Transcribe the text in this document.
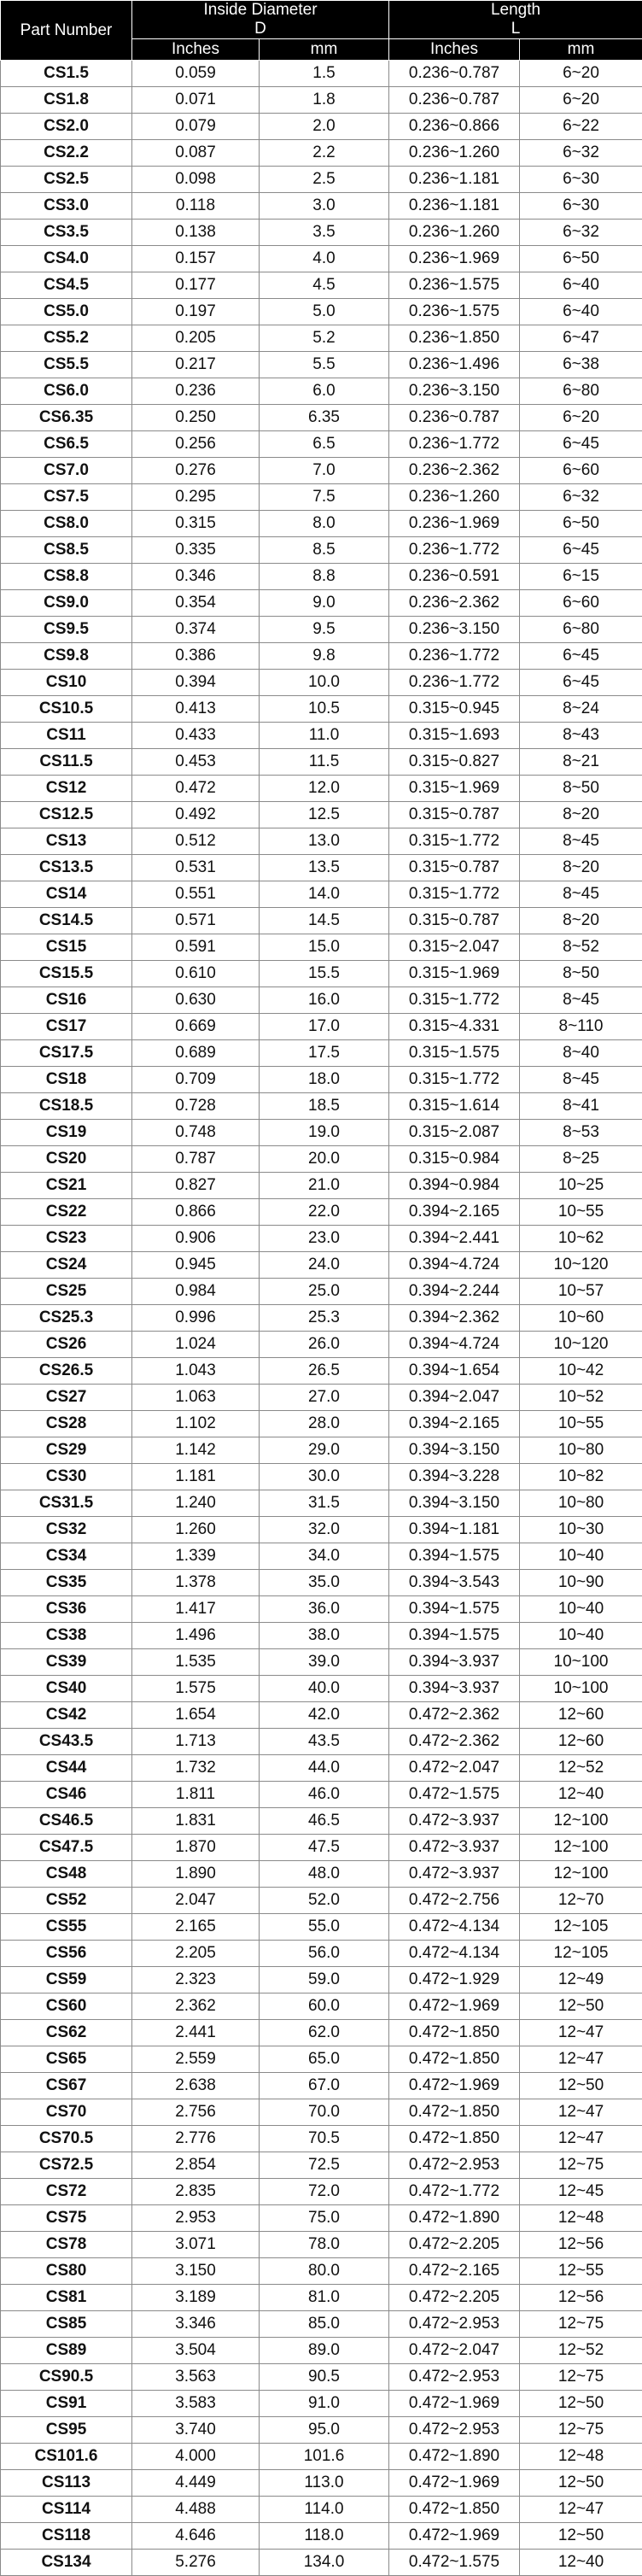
Part Number	Inside Diameter
D		Length
L	

	Inches	mm	Inches	mm
CS1.5	0.059	1.5	0.236~0.787	6~20
CS1.8	0.071	1.8	0.236~0.787	6~20
CS2.0	0.079	2.0	0.236~0.866	6~22
CS2.2	0.087	2.2	0.236~1.260	6~32
CS2.5	0.098	2.5	0.236~1.181	6~30
CS3.0	0.118	3.0	0.236~1.181	6~30
CS3.5	0.138	3.5	0.236~1.260	6~32
CS4.0	0.157	4.0	0.236~1.969	6~50
CS4.5	0.177	4.5	0.236~1.575	6~40
CS5.0	0.197	5.0	0.236~1.575	6~40
CS5.2	0.205	5.2	0.236~1.850	6~47
CS5.5	0.217	5.5	0.236~1.496	6~38
CS6.0	0.236	6.0	0.236~3.150	6~80
CS6.35	0.250	6.35	0.236~0.787	6~20
CS6.5	0.256	6.5	0.236~1.772	6~45
CS7.0	0.276	7.0	0.236~2.362	6~60
CS7.5	0.295	7.5	0.236~1.260	6~32
CS8.0	0.315	8.0	0.236~1.969	6~50
CS8.5	0.335	8.5	0.236~1.772	6~45
CS8.8	0.346	8.8	0.236~0.591	6~15
CS9.0	0.354	9.0	0.236~2.362	6~60
CS9.5	0.374	9.5	0.236~3.150	6~80
CS9.8	0.386	9.8	0.236~1.772	6~45
CS10	0.394	10.0	0.236~1.772	6~45
CS10.5	0.413	10.5	0.315~0.945	8~24
CS11	0.433	11.0	0.315~1.693	8~43
CS11.5	0.453	11.5	0.315~0.827	8~21
CS12	0.472	12.0	0.315~1.969	8~50
CS12.5	0.492	12.5	0.315~0.787	8~20
CS13	0.512	13.0	0.315~1.772	8~45
CS13.5	0.531	13.5	0.315~0.787	8~20
CS14	0.551	14.0	0.315~1.772	8~45
CS14.5	0.571	14.5	0.315~0.787	8~20
CS15	0.591	15.0	0.315~2.047	8~52
CS15.5	0.610	15.5	0.315~1.969	8~50
CS16	0.630	16.0	0.315~1.772	8~45
CS17	0.669	17.0	0.315~4.331	8~110
CS17.5	0.689	17.5	0.315~1.575	8~40
CS18	0.709	18.0	0.315~1.772	8~45
CS18.5	0.728	18.5	0.315~1.614	8~41
CS19	0.748	19.0	0.315~2.087	8~53
CS20	0.787	20.0	0.315~0.984	8~25
CS21	0.827	21.0	0.394~0.984	10~25
CS22	0.866	22.0	0.394~2.165	10~55
CS23	0.906	23.0	0.394~2.441	10~62
CS24	0.945	24.0	0.394~4.724	10~120
CS25	0.984	25.0	0.394~2.244	10~57
CS25.3	0.996	25.3	0.394~2.362	10~60
CS26	1.024	26.0	0.394~4.724	10~120
CS26.5	1.043	26.5	0.394~1.654	10~42
CS27	1.063	27.0	0.394~2.047	10~52
CS28	1.102	28.0	0.394~2.165	10~55
CS29	1.142	29.0	0.394~3.150	10~80
CS30	1.181	30.0	0.394~3.228	10~82
CS31.5	1.240	31.5	0.394~3.150	10~80
CS32	1.260	32.0	0.394~1.181	10~30
CS34	1.339	34.0	0.394~1.575	10~40
CS35	1.378	35.0	0.394~3.543	10~90
CS36	1.417	36.0	0.394~1.575	10~40
CS38	1.496	38.0	0.394~1.575	10~40
CS39	1.535	39.0	0.394~3.937	10~100
CS40	1.575	40.0	0.394~3.937	10~100
CS42	1.654	42.0	0.472~2.362	12~60
CS43.5	1.713	43.5	0.472~2.362	12~60
CS44	1.732	44.0	0.472~2.047	12~52
CS46	1.811	46.0	0.472~1.575	12~40
CS46.5	1.831	46.5	0.472~3.937	12~100
CS47.5	1.870	47.5	0.472~3.937	12~100
CS48	1.890	48.0	0.472~3.937	12~100
CS52	2.047	52.0	0.472~2.756	12~70
CS55	2.165	55.0	0.472~4.134	12~105
CS56	2.205	56.0	0.472~4.134	12~105
CS59	2.323	59.0	0.472~1.929	12~49
CS60	2.362	60.0	0.472~1.969	12~50
CS62	2.441	62.0	0.472~1.850	12~47
CS65	2.559	65.0	0.472~1.850	12~47
CS67	2.638	67.0	0.472~1.969	12~50
CS70	2.756	70.0	0.472~1.850	12~47
CS70.5	2.776	70.5	0.472~1.850	12~47
CS72.5	2.854	72.5	0.472~2.953	12~75
CS72	2.835	72.0	0.472~1.772	12~45
CS75	2.953	75.0	0.472~1.890	12~48
CS78	3.071	78.0	0.472~2.205	12~56
CS80	3.150	80.0	0.472~2.165	12~55
CS81	3.189	81.0	0.472~2.205	12~56
CS85	3.346	85.0	0.472~2.953	12~75
CS89	3.504	89.0	0.472~2.047	12~52
CS90.5	3.563	90.5	0.472~2.953	12~75
CS91	3.583	91.0	0.472~1.969	12~50
CS95	3.740	95.0	0.472~2.953	12~75
CS101.6	4.000	101.6	0.472~1.890	12~48
CS113	4.449	113.0	0.472~1.969	12~50
CS114	4.488	114.0	0.472~1.850	12~47
CS118	4.646	118.0	0.472~1.969	12~50
CS134	5.276	134.0	0.472~1.575	12~40
